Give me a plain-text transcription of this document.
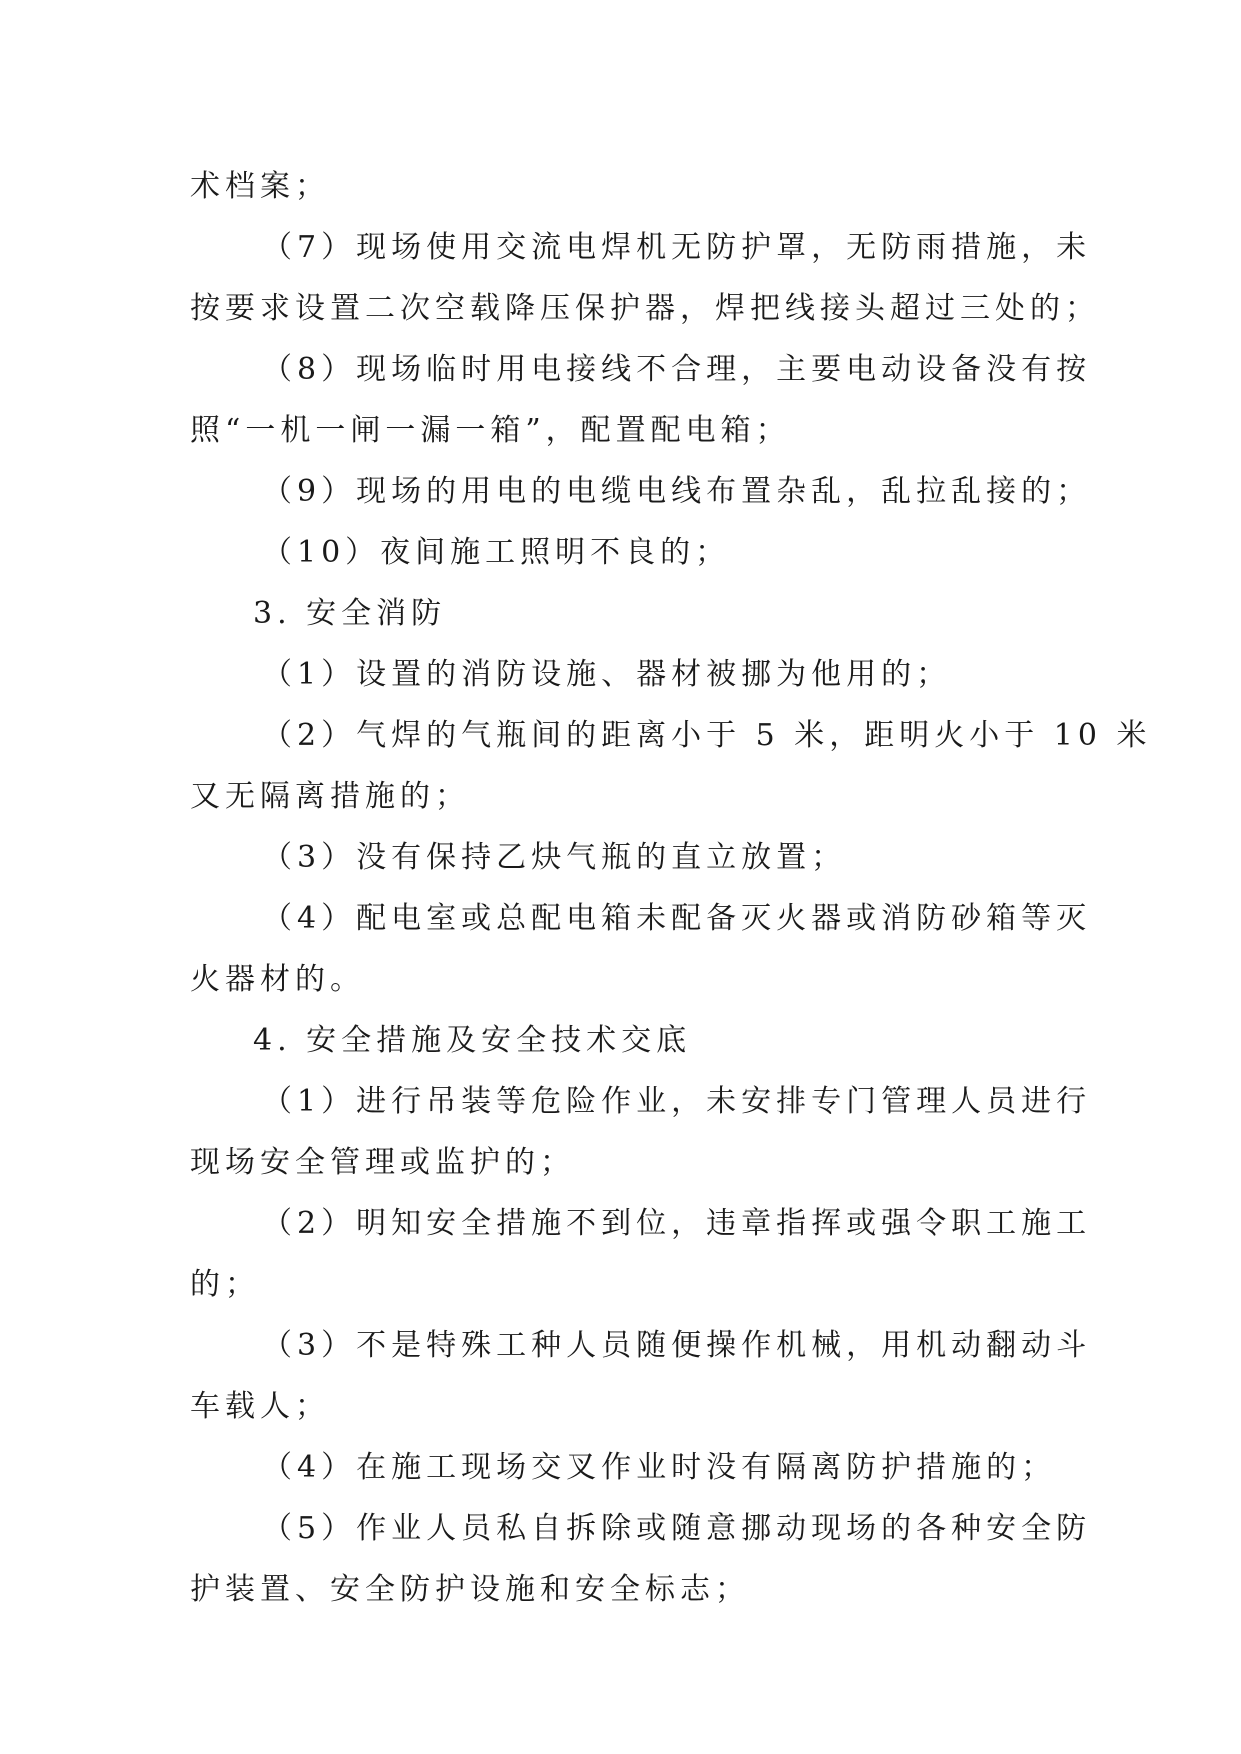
术档案；
（7）现场使用交流电焊机无防护罩，无防雨措施，未
按要求设置二次空载降压保护器，焊把线接头超过三处的；
（8）现场临时用电接线不合理，主要电动设备没有按
照“一机一闸一漏一箱”，配置配电箱；
（9）现场的用电的电缆电线布置杂乱，乱拉乱接的；
（10）夜间施工照明不良的；
3. 安全消防
（1）设置的消防设施、器材被挪为他用的；
（2）气焊的气瓶间的距离小于 5 米，距明火小于 10 米
又无隔离措施的；
（3）没有保持乙炔气瓶的直立放置；
（4）配电室或总配电箱未配备灭火器或消防砂箱等灭
火器材的。
4. 安全措施及安全技术交底
（1）进行吊装等危险作业，未安排专门管理人员进行
现场安全管理或监护的；
（2）明知安全措施不到位，违章指挥或强令职工施工
的；
（3）不是特殊工种人员随便操作机械，用机动翻动斗
车载人；
（4）在施工现场交叉作业时没有隔离防护措施的；
（5）作业人员私自拆除或随意挪动现场的各种安全防
护装置、安全防护设施和安全标志；
